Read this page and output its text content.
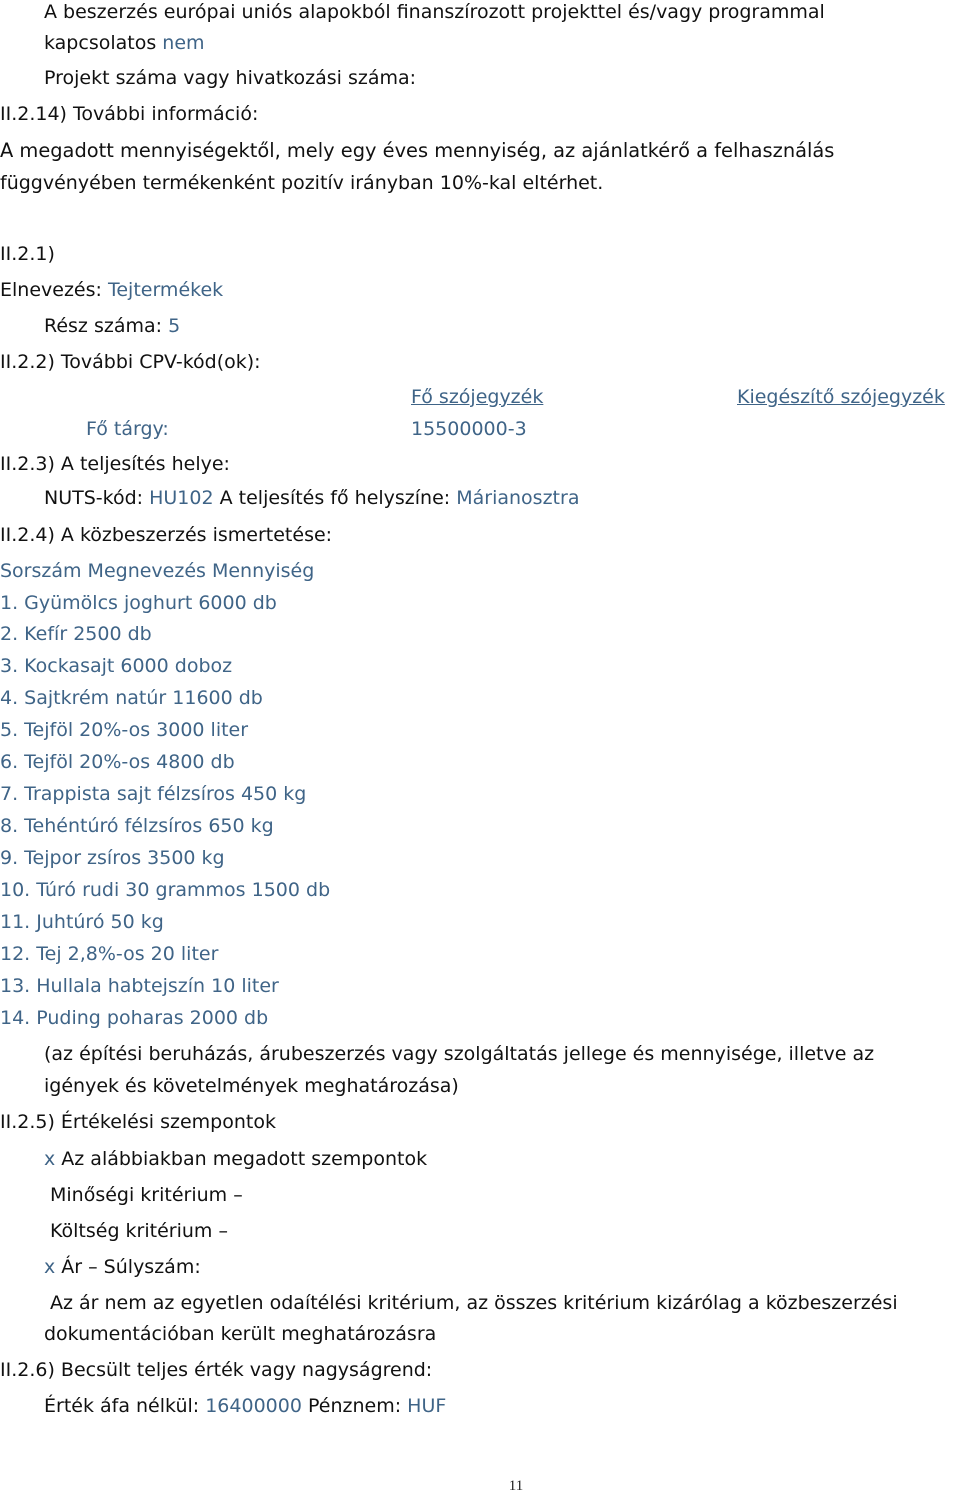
A beszerzés európai uniós alapokból finanszírozott projekttel és/vagy programmal
kapcsolatos nem
Projekt száma vagy hivatkozási száma:
II.2.14) További információ:
A megadott mennyiségektől, mely egy éves mennyiség, az ajánlatkérő a felhasználás
függvényében termékenként pozitív irányban 10%-kal eltérhet.
II.2.1)
Elnevezés: Tejtermékek
Rész száma: 5
II.2.2) További CPV-kód(ok):
Fő szójegyzék	Kiegészítő szójegyzék
Fő tárgy:	15500000-3
II.2.3) A teljesítés helye:
NUTS-kód: HU102 A teljesítés fő helyszíne: Márianosztra
II.2.4) A közbeszerzés ismertetése:
Sorszám Megnevezés Mennyiség
1. Gyümölcs joghurt 6000 db
2. Kefír 2500 db
3. Kockasajt 6000 doboz
4. Sajtkrém natúr 11600 db
5. Tejföl 20%-os 3000 liter
6. Tejföl 20%-os 4800 db
7. Trappista sajt félzsíros 450 kg
8. Tehéntúró félzsíros 650 kg
9. Tejpor zsíros 3500 kg
10. Túró rudi 30 grammos 1500 db
11. Juhtúró 50 kg
12. Tej 2,8%-os 20 liter
13. Hullala habtejszín 10 liter
14. Puding poharas 2000 db
(az építési beruházás, árubeszerzés vagy szolgáltatás jellege és mennyisége, illetve az
igények és követelmények meghatározása)
II.2.5) Értékelési szempontok
x Az alábbiakban megadott szempontok
Minőségi kritérium –
Költség kritérium –
x Ár – Súlyszám:
Az ár nem az egyetlen odaítélési kritérium, az összes kritérium kizárólag a közbeszerzési
dokumentációban került meghatározásra
II.2.6) Becsült teljes érték vagy nagyságrend:
Érték áfa nélkül: 16400000 Pénznem: HUF
11
